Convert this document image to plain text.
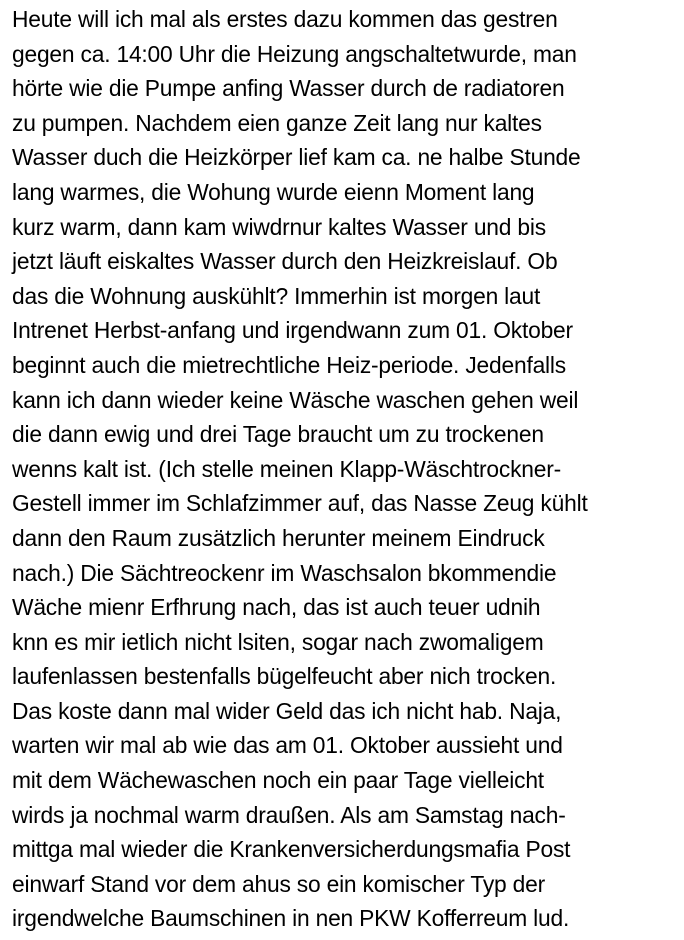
Heute will ich mal als erstes dazu kommen das gestren
gegen ca. 14:00 Uhr die Heizung angschaltetwurde, man
hörte wie die Pumpe anfing Wasser durch de radiatoren
zu pumpen. Nachdem eien ganze Zeit lang nur kaltes
Wasser duch die Heizkörper lief kam ca. ne halbe Stunde
lang warmes, die Wohung wurde eienn Moment lang
kurz warm, dann kam wiwdrnur kaltes Wasser und bis
jetzt läuft eiskaltes Wasser durch den Heizkreislauf. Ob
das die Wohnung auskühlt? Immerhin ist morgen laut
Intrenet Herbst-anfang und irgendwann zum 01. Oktober
beginnt auch die mietrechtliche Heiz-periode. Jedenfalls
kann ich dann wieder keine Wäsche waschen gehen weil
die dann ewig und drei Tage braucht um zu trockenen
wenns kalt ist. (Ich stelle meinen Klapp-Wäschtrockner-
Gestell immer im Schlafzimmer auf, das Nasse Zeug kühlt
dann den Raum zusätzlich herunter meinem Eindruck
nach.) Die Sächtreockenr im Waschsalon bkommendie
Wäche mienr Erfhrung nach, das ist auch teuer udnih
knn es mir ietlich nicht lsiten, sogar nach zwomaligem
laufenlassen bestenfalls bügelfeucht aber nich trocken.
Das koste dann mal wider Geld das ich nicht hab. Naja,
warten wir mal ab wie das am 01. Oktober aussieht und
mit dem Wächewaschen noch ein paar Tage vielleicht
wirds ja nochmal warm draußen. Als am Samstag nach-
mittga mal wieder die Krankenversicherdungsmafia Post
einwarf Stand vor dem ahus so ein komischer Typ der
irgendwelche Baumschinen in nen PKW Kofferreum lud.
